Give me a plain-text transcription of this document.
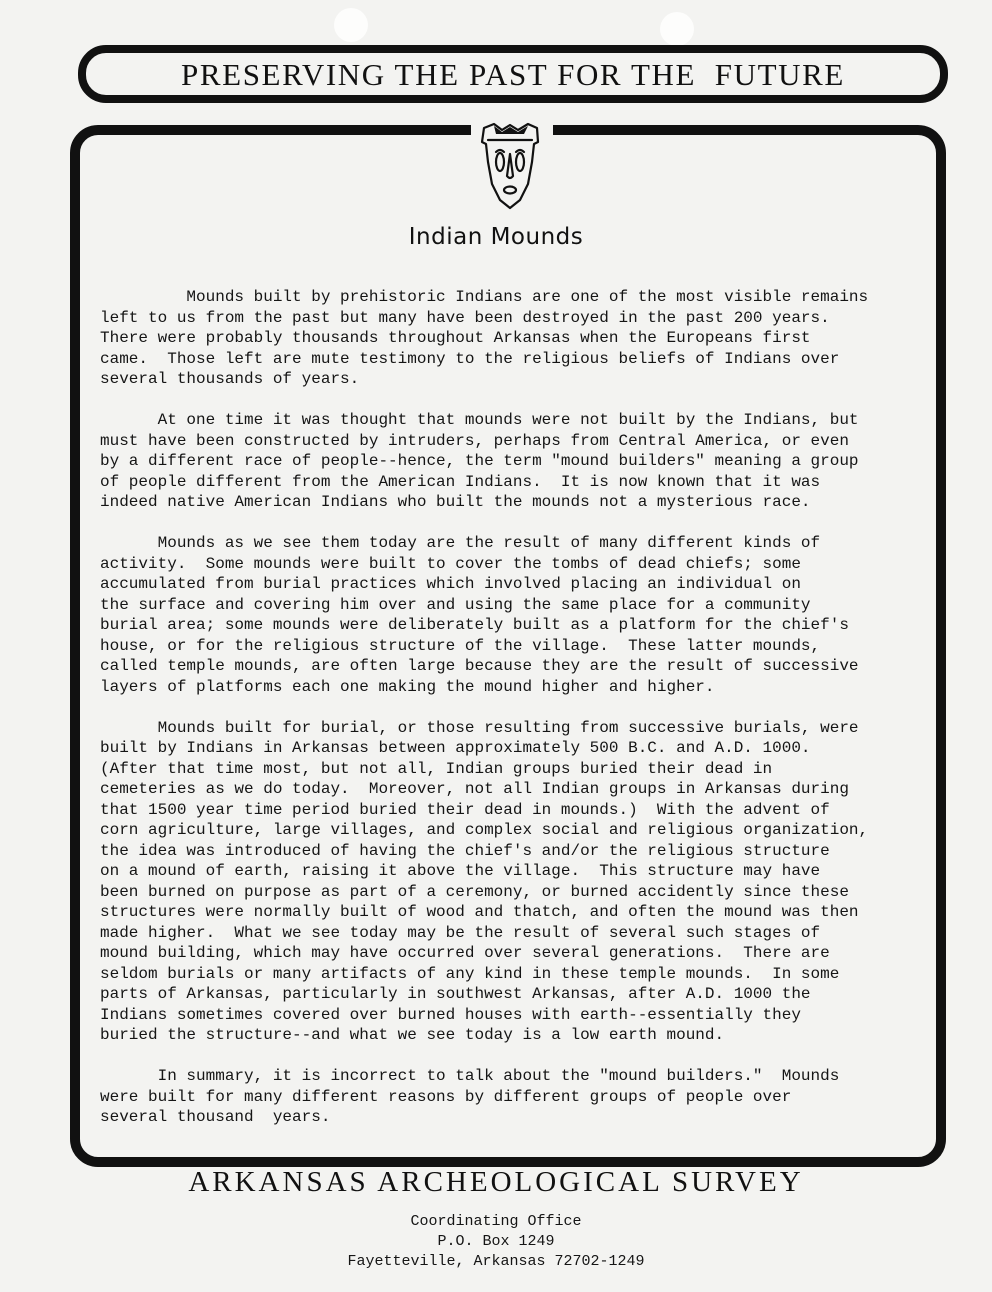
PRESERVING THE PAST FOR THE  FUTURE
Indian Mounds
Mounds built by prehistoric Indians are one of the most visible remains
left to us from the past but many have been destroyed in the past 200 years.
There were probably thousands throughout Arkansas when the Europeans first
came.  Those left are mute testimony to the religious beliefs of Indians over
several thousands of years.
At one time it was thought that mounds were not built by the Indians, but
must have been constructed by intruders, perhaps from Central America, or even
by a different race of people--hence, the term "mound builders" meaning a group
of people different from the American Indians.  It is now known that it was
indeed native American Indians who built the mounds not a mysterious race.
Mounds as we see them today are the result of many different kinds of
activity.  Some mounds were built to cover the tombs of dead chiefs; some
accumulated from burial practices which involved placing an individual on
the surface and covering him over and using the same place for a community
burial area; some mounds were deliberately built as a platform for the chief's
house, or for the religious structure of the village.  These latter mounds,
called temple mounds, are often large because they are the result of successive
layers of platforms each one making the mound higher and higher.
Mounds built for burial, or those resulting from successive burials, were
built by Indians in Arkansas between approximately 500 B.C. and A.D. 1000.
(After that time most, but not all, Indian groups buried their dead in
cemeteries as we do today.  Moreover, not all Indian groups in Arkansas during
that 1500 year time period buried their dead in mounds.)  With the advent of
corn agriculture, large villages, and complex social and religious organization,
the idea was introduced of having the chief's and/or the religious structure
on a mound of earth, raising it above the village.  This structure may have
been burned on purpose as part of a ceremony, or burned accidently since these
structures were normally built of wood and thatch, and often the mound was then
made higher.  What we see today may be the result of several such stages of
mound building, which may have occurred over several generations.  There are
seldom burials or many artifacts of any kind in these temple mounds.  In some
parts of Arkansas, particularly in southwest Arkansas, after A.D. 1000 the
Indians sometimes covered over burned houses with earth--essentially they
buried the structure--and what we see today is a low earth mound.
In summary, it is incorrect to talk about the "mound builders."  Mounds
were built for many different reasons by different groups of people over
several thousand  years.
ARKANSAS ARCHEOLOGICAL SURVEY
Coordinating Office
P.O. Box 1249
Fayetteville, Arkansas 72702-1249
